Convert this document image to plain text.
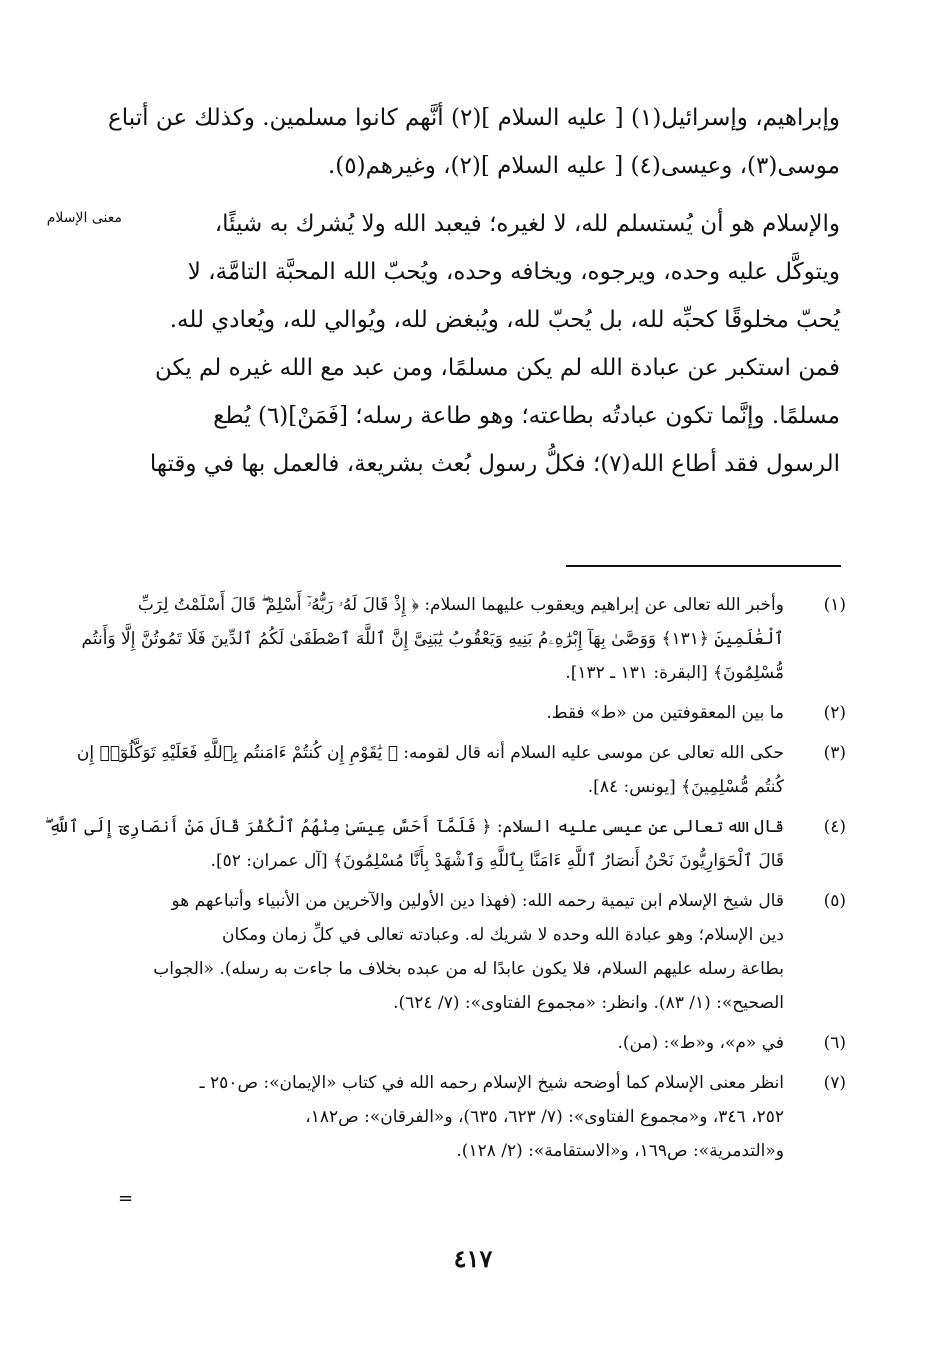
معنى الإسلام
وإبراهيم، وإسرائيل(١) [ عليه السلام ](٢) أنَّهم كانوا مسلمين. وكذلك عن أتباع
موسى(٣)، وعيسى(٤) [ عليه السلام ](٢)، وغيرهم(٥).
والإسلام هو أن يُستسلم لله، لا لغيره؛ فيعبد الله ولا يُشرك به شيئًا،
ويتوكَّل عليه وحده، ويرجوه، ويخافه وحده، ويُحبّ الله المحبَّة التامَّة، لا
يُحبّ مخلوقًا كحبِّه لله، بل يُحبّ لله، ويُبغض لله، ويُوالي لله، ويُعادي لله.
فمن استكبر عن عبادة الله لم يكن مسلمًا، ومن عبد مع الله غيره لم يكن
مسلمًا. وإنَّما تكون عبادتُه بطاعته؛ وهو طاعة رسله؛ [فَمَنْ](٦) يُطع
الرسول فقد أطاع الله(٧)؛ فكلُّ رسول بُعث بشريعة، فالعمل بها في وقتها
(١)
وأخبر الله تعالى عن إبراهيم ويعقوب عليهما السلام: ﴿ إِذْ قَالَ لَهُۥ رَبُّهُۥٓ أَسْلِمْ ۖ قَالَ أَسْلَمْتُ لِرَبِّ
ٱلْعَٰلَمِينَ ﴿١٣١﴾ وَوَصَّىٰ بِهَآ إِبْرَٰهِۦمُ بَنِيهِ وَيَعْقُوبُ يَٰبَنِىَّ إِنَّ ٱللَّهَ ٱصْطَفَىٰ لَكُمُ ٱلدِّينَ فَلَا تَمُوتُنَّ إِلَّا وَأَنتُم
مُّسْلِمُونَ﴾ [البقرة: ١٣١ ـ ١٣٢].
(٢)
ما بين المعقوفتين من «ط» فقط.
(٣)
حكى الله تعالى عن موسى عليه السلام أنه قال لقومه: ﴿ يَٰقَوْمِ إِن كُنتُمْ ءَامَنتُم بِٱللَّهِ فَعَلَيْهِ تَوَكَّلُوٓا۟ إِن
كُنتُم مُّسْلِمِينَ﴾ [يونس: ٨٤].
(٤)
قال الله تعالى عن عيسى عليه السلام: ﴿ فَلَمَّآ أَحَسَّ عِيسَىٰ مِنْهُمُ ٱلْكُفْرَ قَالَ مَنْ أَنصَارِىٓ إِلَى ٱللَّهِ ۖ
قَالَ ٱلْحَوَارِيُّونَ نَحْنُ أَنصَارُ ٱللَّهِ ءَامَنَّا بِٱللَّهِ وَٱشْهَدْ بِأَنَّا مُسْلِمُونَ﴾ [آل عمران: ٥٢].
(٥)
قال شيخ الإسلام ابن تيمية رحمه الله: (فهذا دين الأولين والآخرين من الأنبياء وأتباعهم هو
دين الإسلام؛ وهو عبادة الله وحده لا شريك له. وعبادته تعالى في كلِّ زمان ومكان
بطاعة رسله عليهم السلام، فلا يكون عابدًا له من عبده بخلاف ما جاءت به رسله). «الجواب
الصحيح»: (١/ ٨٣). وانظر: «مجموع الفتاوى»: (٧/ ٦٢٤).
(٦)
في «م»، و«ط»: (من).
(٧)
انظر معنى الإسلام كما أوضحه شيخ الإسلام رحمه الله في كتاب «الإيمان»: ص٢٥٠ ـ
٢٥٢، ٣٤٦، و«مجموع الفتاوى»: (٧/ ٦٢٣، ٦٣٥)، و«الفرقان»: ص١٨٢،
و«التدمرية»: ص١٦٩، و«الاستقامة»: (٢/ ١٢٨).
=
٤١٧
